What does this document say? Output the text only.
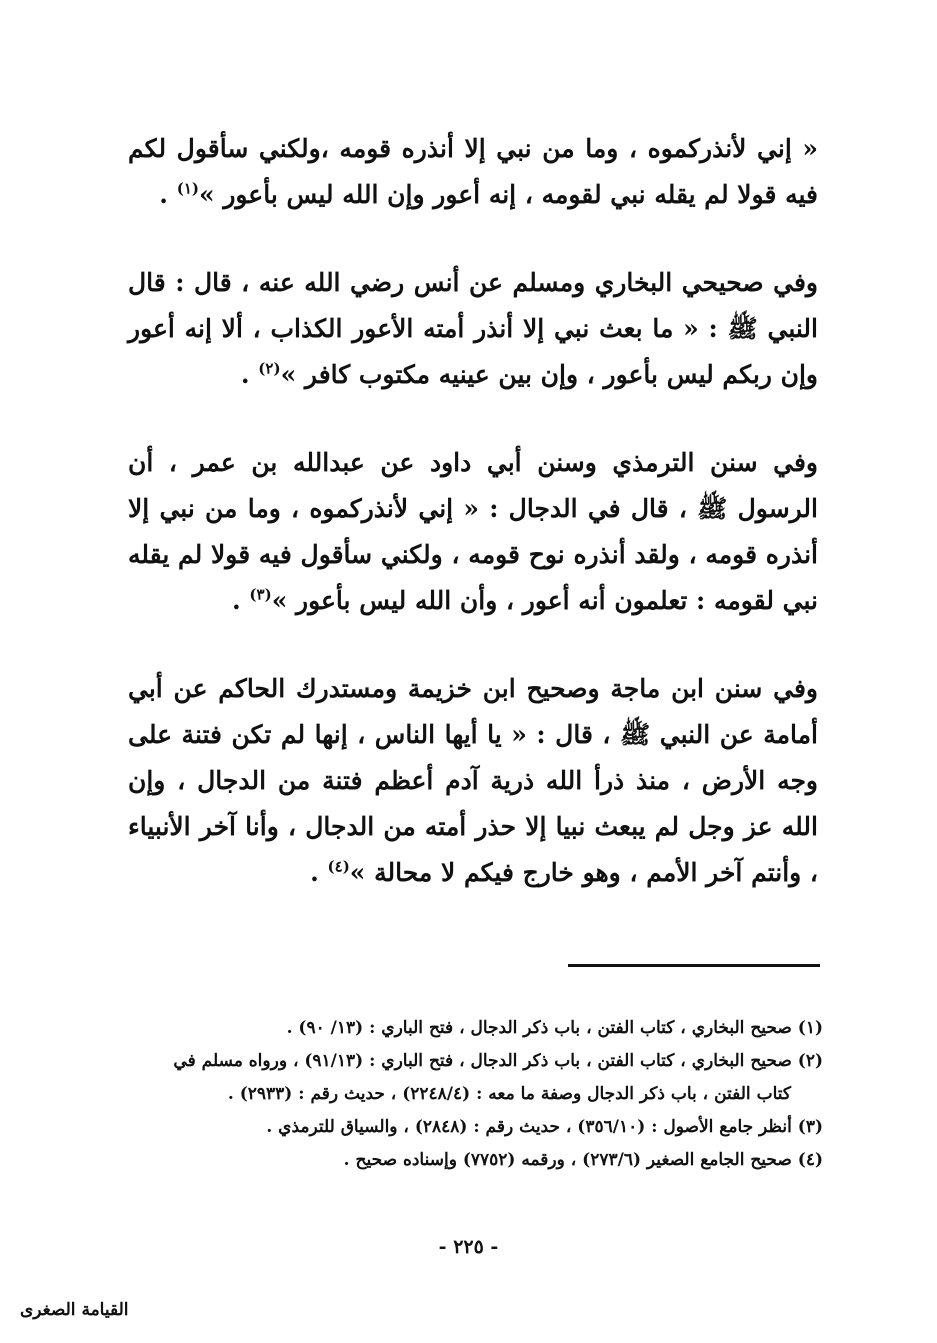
« إني لأنذركموه ، وما من نبي إلا أنذره قومه ،ولكني سأقول لكم فيه قولا لم يقله نبي لقومه ، إنه أعور وإن الله ليس بأعور »$^{(١)}$ .

وفي صحيحي البخاري ومسلم عن أنس رضي الله عنه ، قال : قال النبي ﷺ : « ما بعث نبي إلا أنذر أمته الأعور الكذاب ، ألا إنه أعور وإن ربكم ليس بأعور ، وإن بين عينيه مكتوب كافر »$^{(٢)}$ .

وفي سنن الترمذي وسنن أبي داود عن عبدالله بن عمر ، أن الرسول ﷺ ، قال في الدجال : « إني لأنذركموه ، وما من نبي إلا أنذره قومه ، ولقد أنذره نوح قومه ، ولكني سأقول فيه قولا لم يقله نبي لقومه : تعلمون أنه أعور ، وأن الله ليس بأعور »$^{(٣)}$ .

وفي سنن ابن ماجة وصحيح ابن خزيمة ومستدرك الحاكم عن أبي أمامة عن النبي ﷺ ، قال : « يا أيها الناس ، إنها لم تكن فتنة على وجه الأرض ، منذ ذرأ الله ذرية آدم أعظم فتنة من الدجال ، وإن الله عز وجل لم يبعث نبيا إلا حذر أمته من الدجال ، وأنا آخر الأنبياء ، وأنتم آخر الأمم ، وهو خارج فيكم لا محالة »$^{(٤)}$ .

(١) صحيح البخاري ، كتاب الفتن ، باب ذكر الدجال ، فتح الباري : (١٣/ ٩٠) .
(٢) صحيح البخاري ، كتاب الفتن ، باب ذكر الدجال ، فتح الباري : (٩١/١٣) ، ورواه مسلم في
كتاب الفتن ، باب ذكر الدجال وصفة ما معه : (٢٢٤٨/٤) ، حديث رقم : (٢٩٣٣) .
(٣) أنظر جامع الأصول : (٣٥٦/١٠) ، حديث رقم : (٢٨٤٨) ، والسياق للترمذي .
(٤) صحيح الجامع الصغير (٢٧٣/٦) ، ورقمه (٧٧٥٢) وإسناده صحيح .
- ٢٢٥ -
القيامة الصغرى
